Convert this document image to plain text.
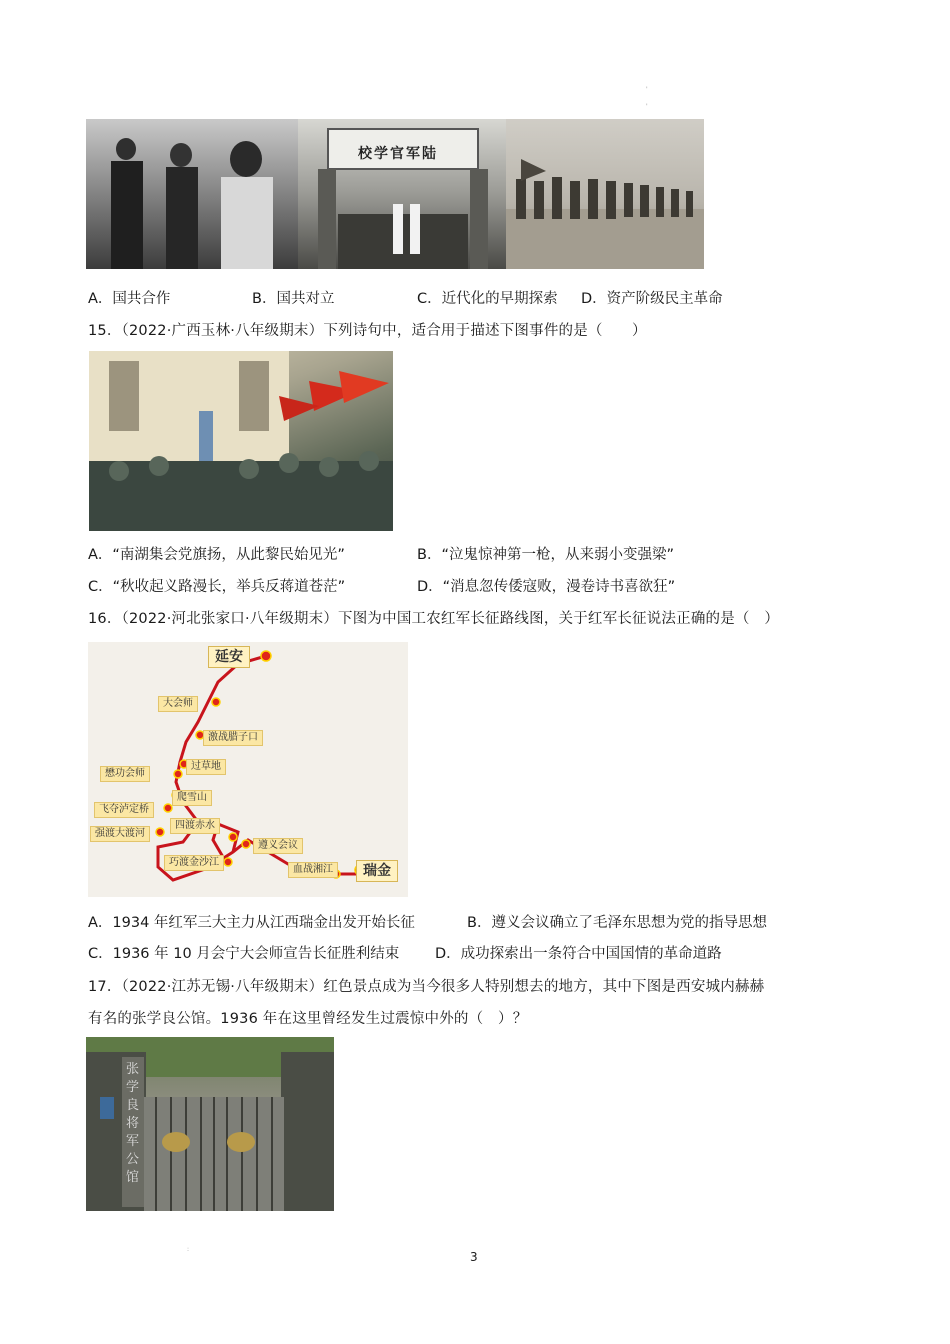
'
'
校学官军陆
A．国共合作	B．国共对立	C．近代化的早期探索 D．资产阶级民主革命
15．（2022·广西玉林·八年级期末）下列诗句中，适合用于描述下图事件的是（　　）
A．“南湖集会党旗扬，从此黎民始见光”	B．“泣鬼惊神第一枪，从来弱小变强梁”
C．“秋收起义路漫长，举兵反蒋道苍茫”	D．“消息忽传倭寇败，漫卷诗书喜欲狂”
16．（2022·河北张家口·八年级期末）下图为中国工农红军长征路线图，关于红军长征说法正确的是（　）
延安
大会师
激战腊子口
过草地
懋功会师
爬雪山
飞夺泸定桥
四渡赤水
强渡大渡河
遵义会议
巧渡金沙江
血战湘江	瑞金
A．1934 年红军三大主力从江西瑞金出发开始长征	B．遵义会议确立了毛泽东思想为党的指导思想
C．1936 年 10 月会宁大会师宣告长征胜利结束 D．成功探索出一条符合中国国情的革命道路
17．（2022·江苏无锡·八年级期末）红色景点成为当今很多人特别想去的地方，其中下图是西安城内赫赫
有名的张学良公馆。1936 年在这里曾经发生过震惊中外的（　）？
张学良将军公馆
:
3
